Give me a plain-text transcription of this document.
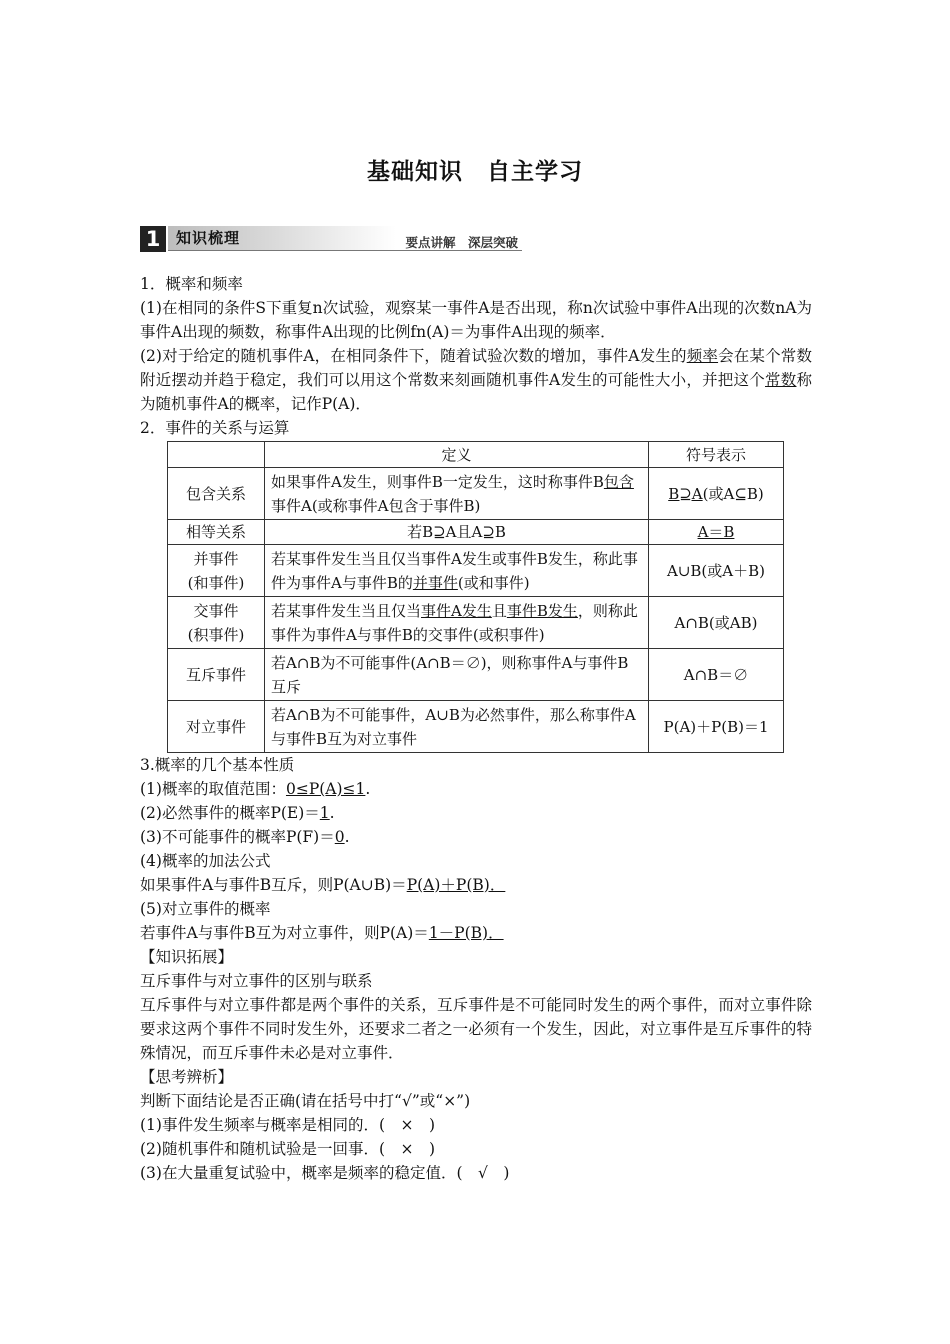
基础知识　自主学习
1	知识梳理	要点讲解　深层突破

1．概率和频率

(1)在相同的条件S下重复n次试验，观察某一事件A是否出现，称n次试验中事件A出现的次数nA为事件A出现的频数，称事件A出现的比例fn(A)＝为事件A出现的频率．

(2)对于给定的随机事件A，在相同条件下，随着试验次数的增加，事件A发生的频率会在某个常数附近摆动并趋于稳定，我们可以用这个常数来刻画随机事件A发生的可能性大小，并把这个常数称为随机事件A的概率，记作P(A)．

2．事件的关系与运算

	定义	符号表示
包含关系	如果事件A发生，则事件B一定发生，这时称事件B包含事件A(或称事件A包含于事件B)	B⊇A(或A⊆B)
相等关系	若B⊇A且A⊇B	A＝B
并事件
(和事件)	若某事件发生当且仅当事件A发生或事件B发生，称此事件为事件A与事件B的并事件(或和事件)	A∪B(或A＋B)
交事件
(积事件)	若某事件发生当且仅当事件A发生且事件B发生，则称此事件为事件A与事件B的交事件(或积事件)	A∩B(或AB)
互斥事件	若A∩B为不可能事件(A∩B＝∅)，则称事件A与事件B互斥	A∩B＝∅
对立事件	若A∩B为不可能事件，A∪B为必然事件，那么称事件A与事件B互为对立事件	P(A)＋P(B)＝1

3.概率的几个基本性质

(1)概率的取值范围：0≤P(A)≤1.

(2)必然事件的概率P(E)＝1.

(3)不可能事件的概率P(F)＝0.

(4)概率的加法公式

如果事件A与事件B互斥，则P(A∪B)＝P(A)＋P(B)．

(5)对立事件的概率

若事件A与事件B互为对立事件，则P(A)＝1－P(B)．

【知识拓展】

互斥事件与对立事件的区别与联系

互斥事件与对立事件都是两个事件的关系，互斥事件是不可能同时发生的两个事件，而对立事件除要求这两个事件不同时发生外，还要求二者之一必须有一个发生，因此，对立事件是互斥事件的特殊情况，而互斥事件未必是对立事件．

【思考辨析】

判断下面结论是否正确(请在括号中打“√”或“×”)

(1)事件发生频率与概率是相同的．(　×　)

(2)随机事件和随机试验是一回事．(　×　)

(3)在大量重复试验中，概率是频率的稳定值．(　√　)
